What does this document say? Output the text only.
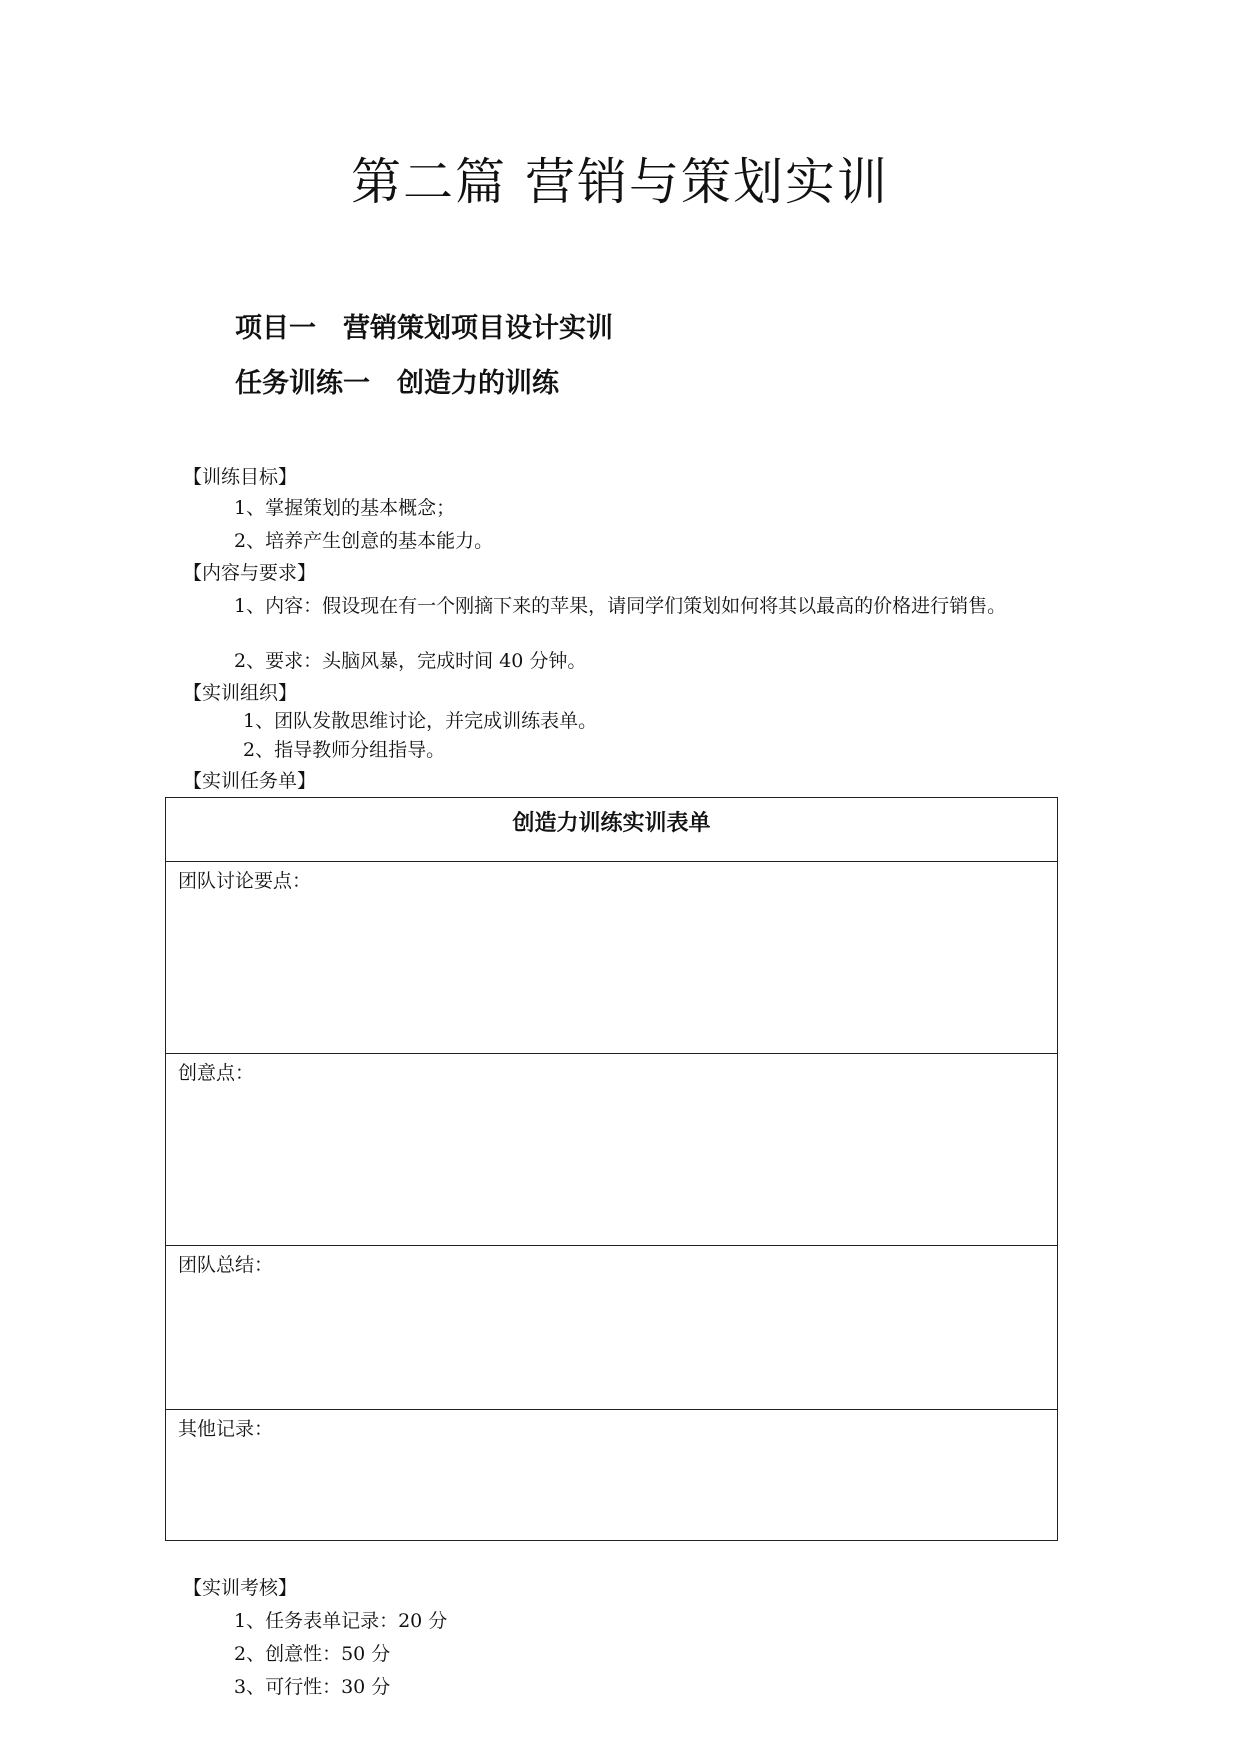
第二篇 营销与策划实训
项目一　营销策划项目设计实训
任务训练一　创造力的训练
【训练目标】
1、掌握策划的基本概念；
2、培养产生创意的基本能力。
【内容与要求】
1、内容：假设现在有一个刚摘下来的苹果，请同学们策划如何将其以最高的价格进行销售。
2、要求：头脑风暴，完成时间 40 分钟。
【实训组织】
1、团队发散思维讨论，并完成训练表单。
2、指导教师分组指导。
【实训任务单】
创造力训练实训表单
团队讨论要点：
创意点：
团队总结：
其他记录：
【实训考核】
1、任务表单记录：20 分
2、创意性：50 分
3、可行性：30 分
